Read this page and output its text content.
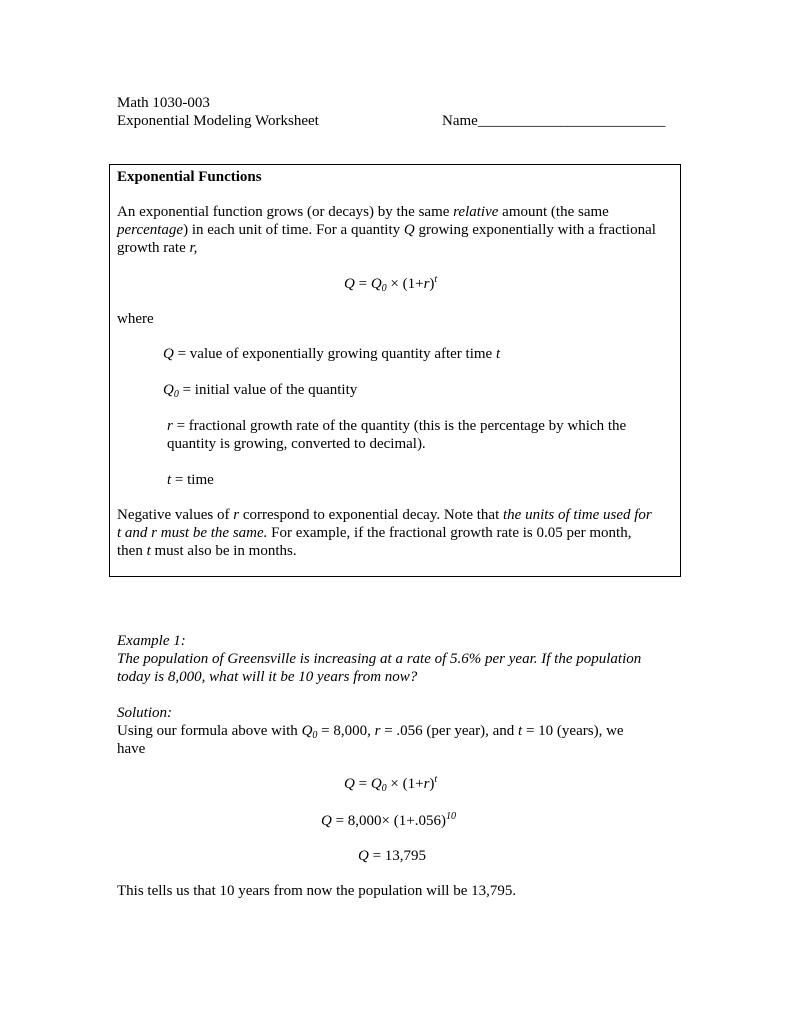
Math 1030-003
Exponential Modeling Worksheet	Name_________________________
Exponential Functions
An exponential function grows (or decays) by the same relative amount (the same
percentage) in each unit of time. For a quantity Q growing exponentially with a fractional
growth rate r,
$Q = Q_0 \times (1+r)^t$
where
Q = value of exponentially growing quantity after time t
$Q_0$ = initial value of the quantity
r = fractional growth rate of the quantity (this is the percentage by which the
quantity is growing, converted to decimal).
t = time
Negative values of r correspond to exponential decay. Note that the units of time used for
t and r must be the same. For example, if the fractional growth rate is 0.05 per month,
then t must also be in months.
Example 1:
The population of Greensville is increasing at a rate of 5.6% per year. If the population
today is 8,000, what will it be 10 years from now?
Solution:
Using our formula above with $Q_0 = 8,000$, r = .056 (per year), and t = 10 (years), we
have
$Q = Q_0 \times (1+r)^t$
$Q = 8,000\times (1+.056)^{10}$
Q = 13,795
This tells us that 10 years from now the population will be 13,795.
